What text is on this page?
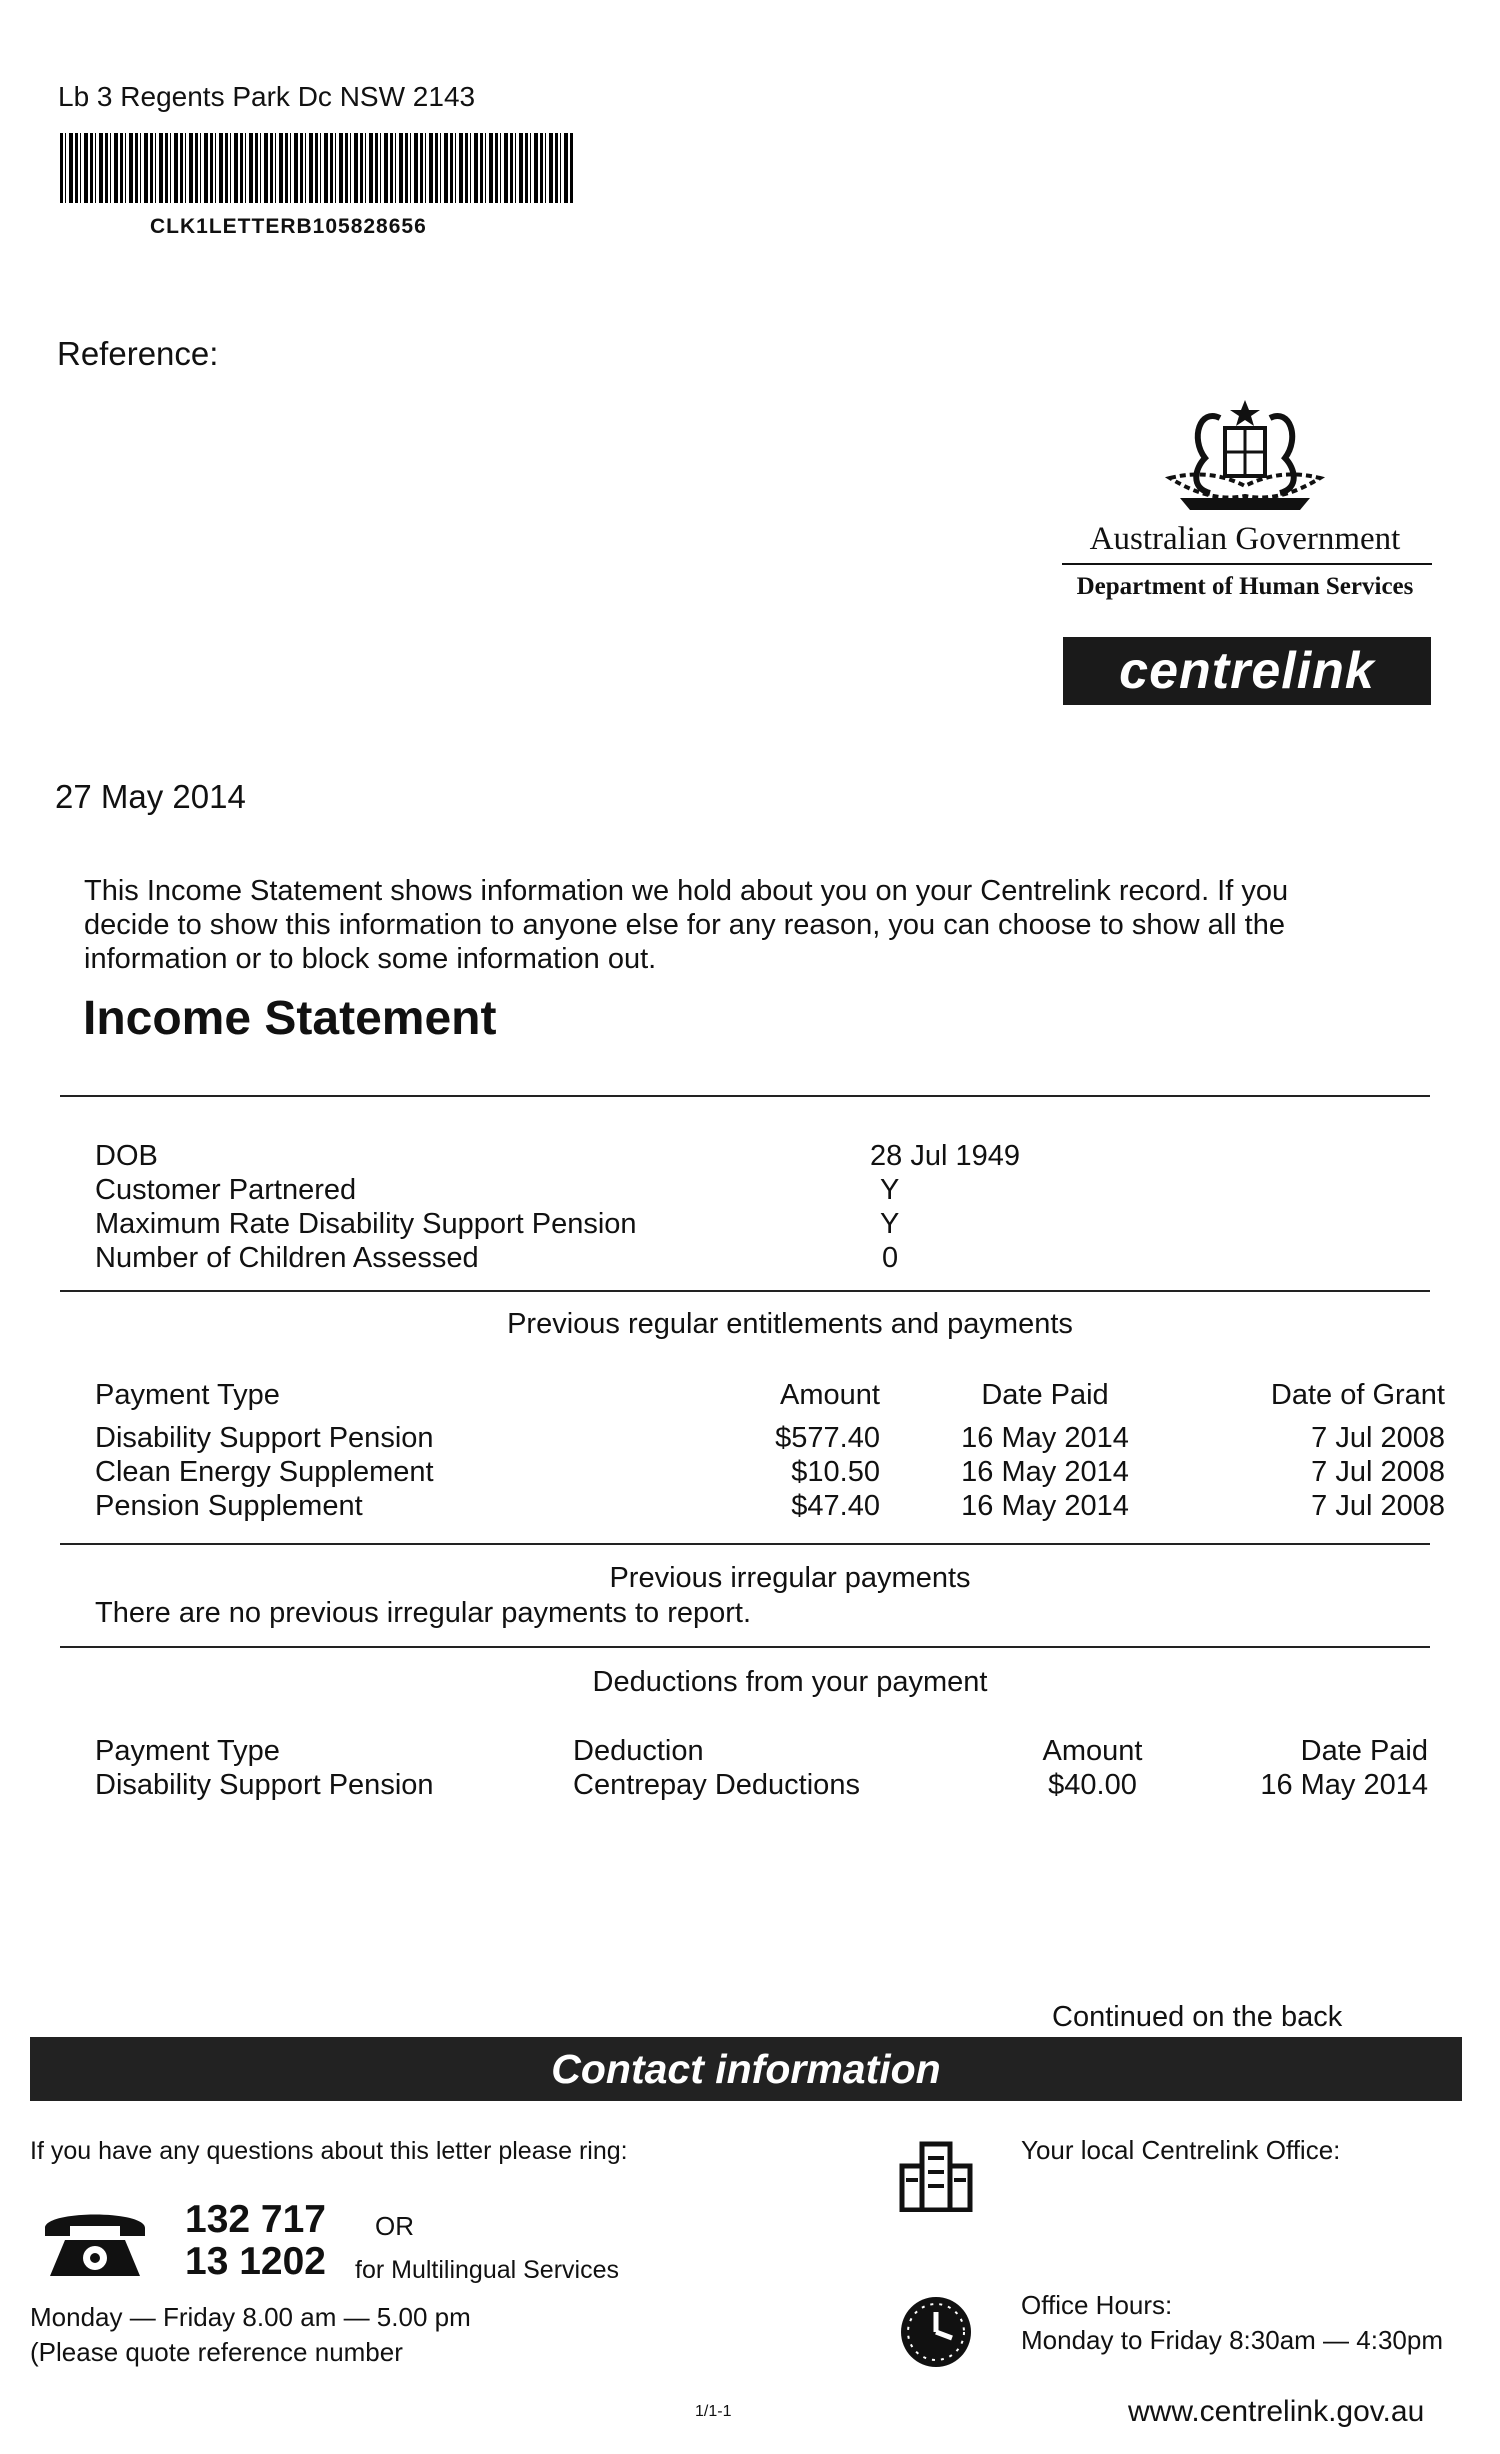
Lb 3 Regents Park Dc NSW 2143
CLK1LETTERB105828656
Reference:
Australian Government
Department of Human Services
centrelink
27 May 2014
This Income Statement shows information we hold about you on your Centrelink record. If you
decide to show this information to anyone else for any reason, you can choose to show all the
information or to block some information out.
Income Statement
DOB	28 Jul 1949
Customer Partnered	Y
Maximum Rate Disability Support Pension	Y
Number of Children Assessed	0
Previous regular entitlements and payments
Payment Type	Amount	Date Paid	Date of Grant
Disability Support Pension	$577.40	16 May 2014	7 Jul 2008
Clean Energy Supplement	$10.50	16 May 2014	7 Jul 2008
Pension Supplement	$47.40	16 May 2014	7 Jul 2008
Previous irregular payments
There are no previous irregular payments to report.
Deductions from your payment
Payment Type	Deduction	Amount	Date Paid
Disability Support Pension	Centrepay Deductions	$40.00	16 May 2014
Continued on the back
Contact information
If you have any questions about this letter please ring:
132 717 OR
13 1202 for Multilingual Services
Monday — Friday 8.00 am — 5.00 pm
(Please quote reference number
Your local Centrelink Office:
Office Hours:
Monday to Friday 8:30am — 4:30pm
1/1-1	www.centrelink.gov.au
